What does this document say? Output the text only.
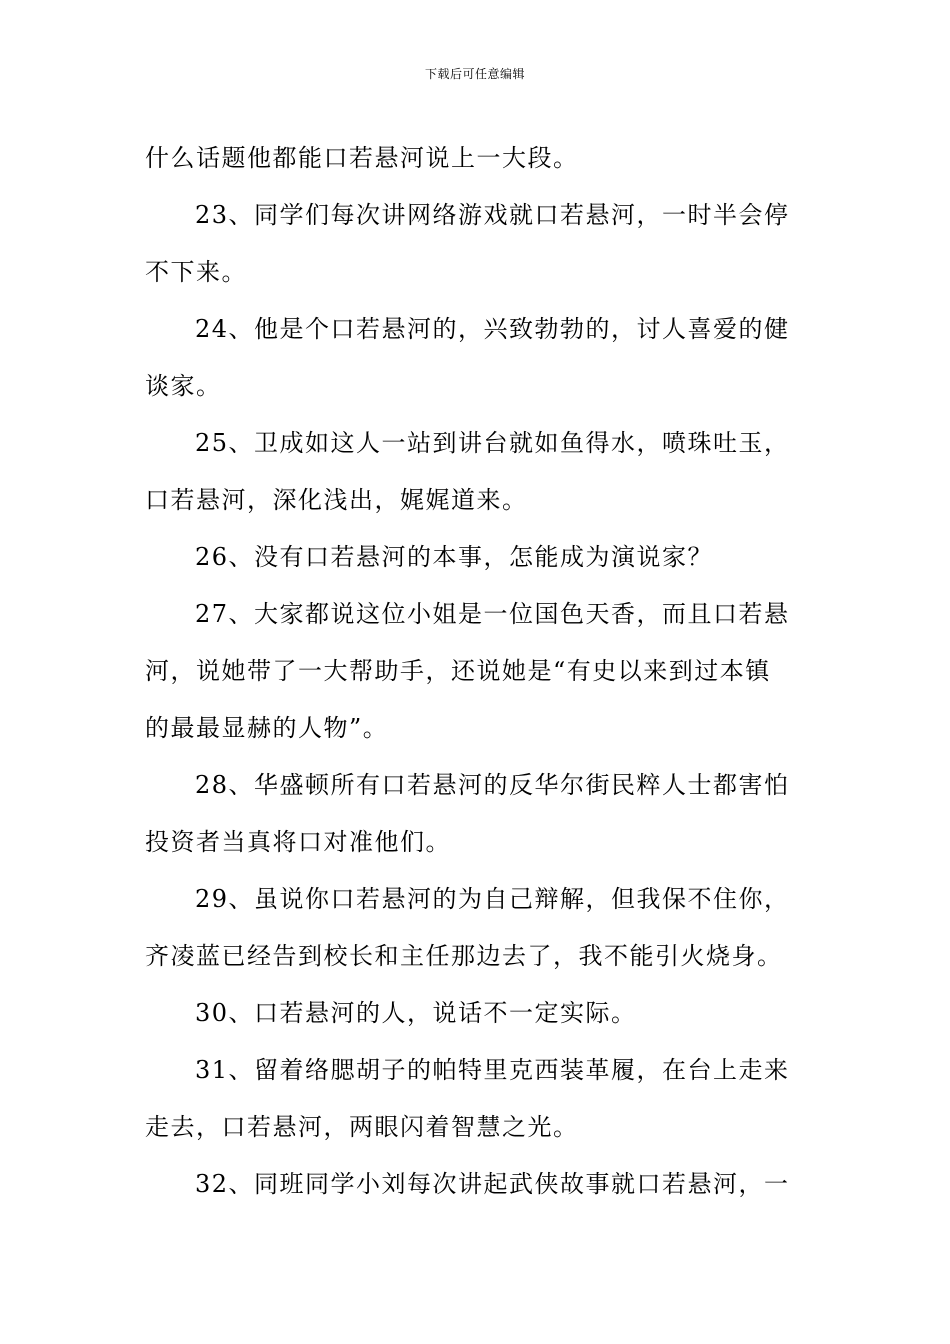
下载后可任意编辑

什么话题他都能口若悬河说上一大段。

23、同学们每次讲网络游戏就口若悬河，一时半会停
不下来。

24、他是个口若悬河的，兴致勃勃的，讨人喜爱的健
谈家。

25、卫成如这人一站到讲台就如鱼得水，喷珠吐玉，
口若悬河，深化浅出，娓娓道来。

26、没有口若悬河的本事，怎能成为演说家？

27、大家都说这位小姐是一位国色天香，而且口若悬
河，说她带了一大帮助手，还说她是“有史以来到过本镇
的最最显赫的人物”。

28、华盛顿所有口若悬河的反华尔街民粹人士都害怕
投资者当真将口对准他们。

29、虽说你口若悬河的为自己辩解，但我保不住你，
齐凌蓝已经告到校长和主任那边去了，我不能引火烧身。

30、口若悬河的人，说话不一定实际。

31、留着络腮胡子的帕特里克西装革履，在台上走来
走去，口若悬河，两眼闪着智慧之光。

32、同班同学小刘每次讲起武侠故事就口若悬河，一
